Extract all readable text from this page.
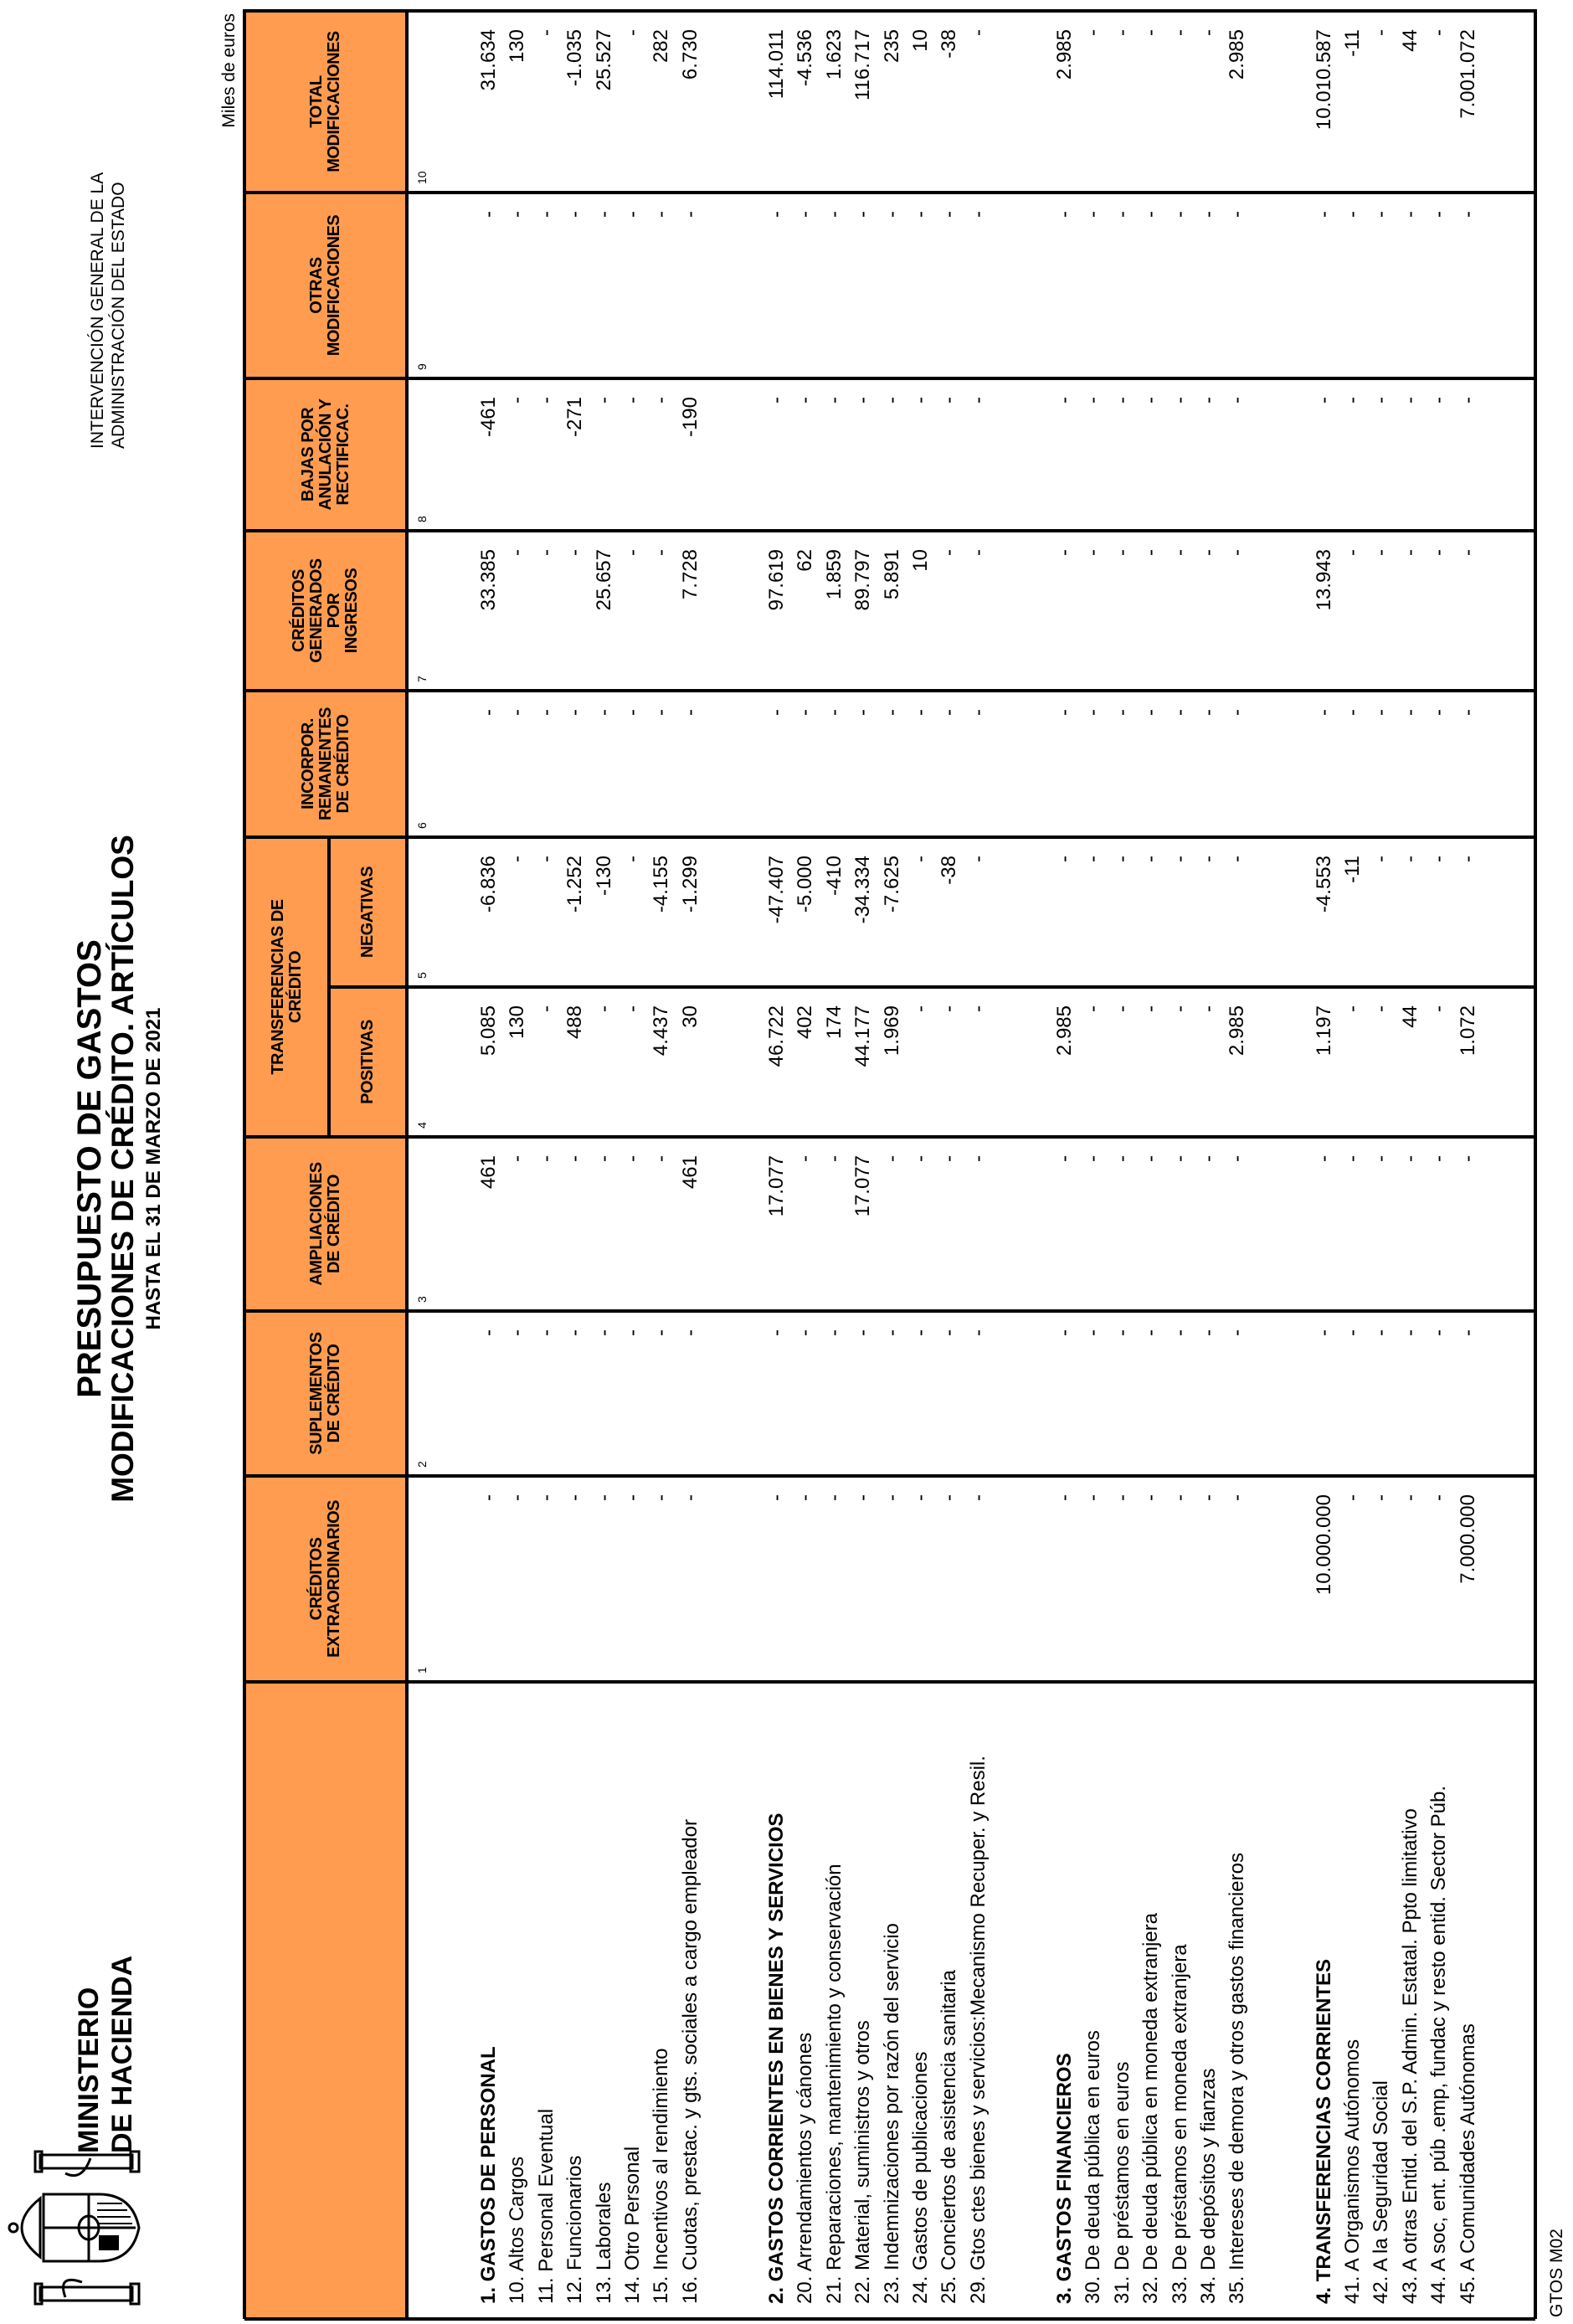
MINISTERIO DE HACIENDA
PRESUPUESTO DE GASTOS
MODIFICACIONES DE CRÉDITO. ARTÍCULOS HASTA EL 31 DE MARZO DE 2021
INTERVENCIÓN GENERAL DE LA ADMINISTRACIÓN DEL ESTADO
Miles de euros
GTOS M02
CRÉDITOS EXTRAORDINARIOS
1
SUPLEMENTOS DE CRÉDITO
2
AMPLIACIONES DE CRÉDITO
3
POSITIVAS
4
NEGATIVAS
5
INCORPOR. REMANENTES DE CRÉDITO
6
CRÉDITOS GENERADOS POR INGRESOS
7
BAJAS POR ANULACIÓN Y RECTIFICAC.
8
OTRAS MODIFICACIONES
9
TOTAL MODIFICACIONES
10
TRANSFERENCIAS DE CRÉDITO
1. GASTOS DE PERSONAL
-
-
461
5.085
-6.836
-
33.385
-461
-
31.634
10. Altos Cargos
-
-
-
130
-
-
-
-
-
130
11. Personal Eventual
-
-
-
-
-
-
-
-
-
-
12. Funcionarios
-
-
-
488
-1.252
-
-
-271
-
-1.035
13. Laborales
-
-
-
-
-130
-
25.657
-
-
25.527
14. Otro Personal
-
-
-
-
-
-
-
-
-
-
15. Incentivos al rendimiento
-
-
-
4.437
-4.155
-
-
-
-
282
16. Cuotas, prestac. y gts. sociales a cargo empleador
-
-
461
30
-1.299
-
7.728
-190
-
6.730
2. GASTOS CORRIENTES EN BIENES Y SERVICIOS
-
-
17.077
46.722
-47.407
-
97.619
-
-
114.011
20. Arrendamientos y cánones
-
-
-
402
-5.000
-
62
-
-
-4.536
21. Reparaciones, mantenimiento y conservación
-
-
-
174
-410
-
1.859
-
-
1.623
22. Material, suministros y otros
-
-
17.077
44.177
-34.334
-
89.797
-
-
116.717
23. Indemnizaciones por razón del servicio
-
-
-
1.969
-7.625
-
5.891
-
-
235
24. Gastos de publicaciones
-
-
-
-
-
-
10
-
-
10
25. Conciertos de asistencia sanitaria
-
-
-
-
-38
-
-
-
-
-38
29. Gtos ctes bienes y servicios:Mecanismo Recuper. y Resil.
-
-
-
-
-
-
-
-
-
-
3. GASTOS FINANCIEROS
-
-
-
2.985
-
-
-
-
-
2.985
30. De deuda pública en euros
-
-
-
-
-
-
-
-
-
-
31. De préstamos en euros
-
-
-
-
-
-
-
-
-
-
32. De deuda pública en moneda extranjera
-
-
-
-
-
-
-
-
-
-
33. De préstamos en moneda extranjera
-
-
-
-
-
-
-
-
-
-
34. De depósitos y fianzas
-
-
-
-
-
-
-
-
-
-
35. Intereses de demora y otros gastos financieros
-
-
-
2.985
-
-
-
-
-
2.985
4. TRANSFERENCIAS CORRIENTES
10.000.000
-
-
1.197
-4.553
-
13.943
-
-
10.010.587
41. A Organismos Autónomos
-
-
-
-
-11
-
-
-
-
-11
42. A la Seguridad Social
-
-
-
-
-
-
-
-
-
-
43. A otras Entid. del S.P. Admin. Estatal. Ppto limitativo
-
-
-
44
-
-
-
-
-
44
44. A soc, ent. púb .emp, fundac y resto entid. Sector Púb.
-
-
-
-
-
-
-
-
-
-
45. A Comunidades Autónomas
7.000.000
-
-
1.072
-
-
-
-
-
7.001.072
